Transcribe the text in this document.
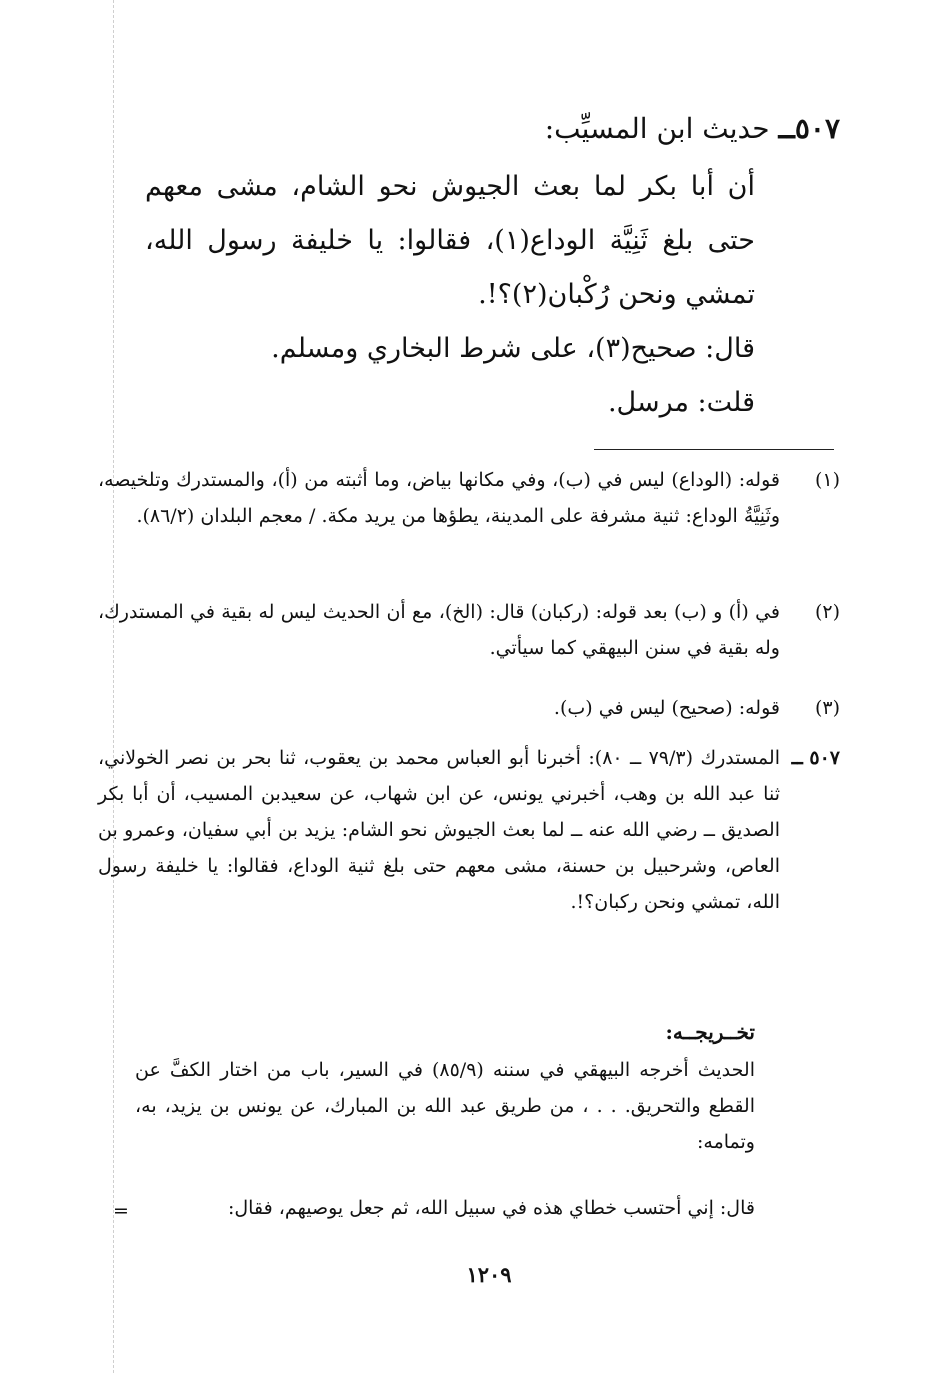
٥٠٧ــ حديث ابن المسيِّب:
أن أبا بكر لما بعث الجيوش نحو الشام، مشى معهم حتى بلغ ثَنِيَّة الوداع(١)، فقالوا: يا خليفة رسول الله، تمشي ونحن رُكْبان(٢)؟!.
قال: صحيح(٣)، على شرط البخاري ومسلم.
قلت: مرسل.
(١)
قوله: (الوداع) ليس في (ب)، وفي مكانها بياض، وما أثبته من (أ)، والمستدرك وتلخيصه، وثَنِيَّةُ الوداع: ثنية مشرفة على المدينة، يطؤها من يريد مكة. / معجم البلدان (٨٦/٢).
(٢)
في (أ) و (ب) بعد قوله: (ركبان) قال: (الخ)، مع أن الحديث ليس له بقية في المستدرك، وله بقية في سنن البيهقي كما سيأتي.
(٣)
قوله: (صحيح) ليس في (ب).
٥٠٧ ــ
المستدرك (٧٩/٣ ــ ٨٠): أخبرنا أبو العباس محمد بن يعقوب، ثنا بحر بن نصر الخولاني، ثنا عبد الله بن وهب، أخبرني يونس، عن ابن شهاب، عن سعيدبن المسيب، أن أبا بكر الصديق ــ رضي الله عنه ــ لما بعث الجيوش نحو الشام: يزيد بن أبي سفيان، وعمرو بن العاص، وشرحبيل بن حسنة، مشى معهم حتى بلغ ثنية الوداع، فقالوا: يا خليفة رسول الله، تمشي ونحن ركبان؟!.
تخــريجــه:
الحديث أخرجه البيهقي في سننه (٨٥/٩) في السير، باب من اختار الكفَّ عن القطع والتحريق. . . ، من طريق عبد الله بن المبارك، عن يونس بن يزيد، به، وتمامه:
قال: إني أحتسب خطاي هذه في سبيل الله، ثم جعل يوصيهم، فقال:
=
١٢٠٩
